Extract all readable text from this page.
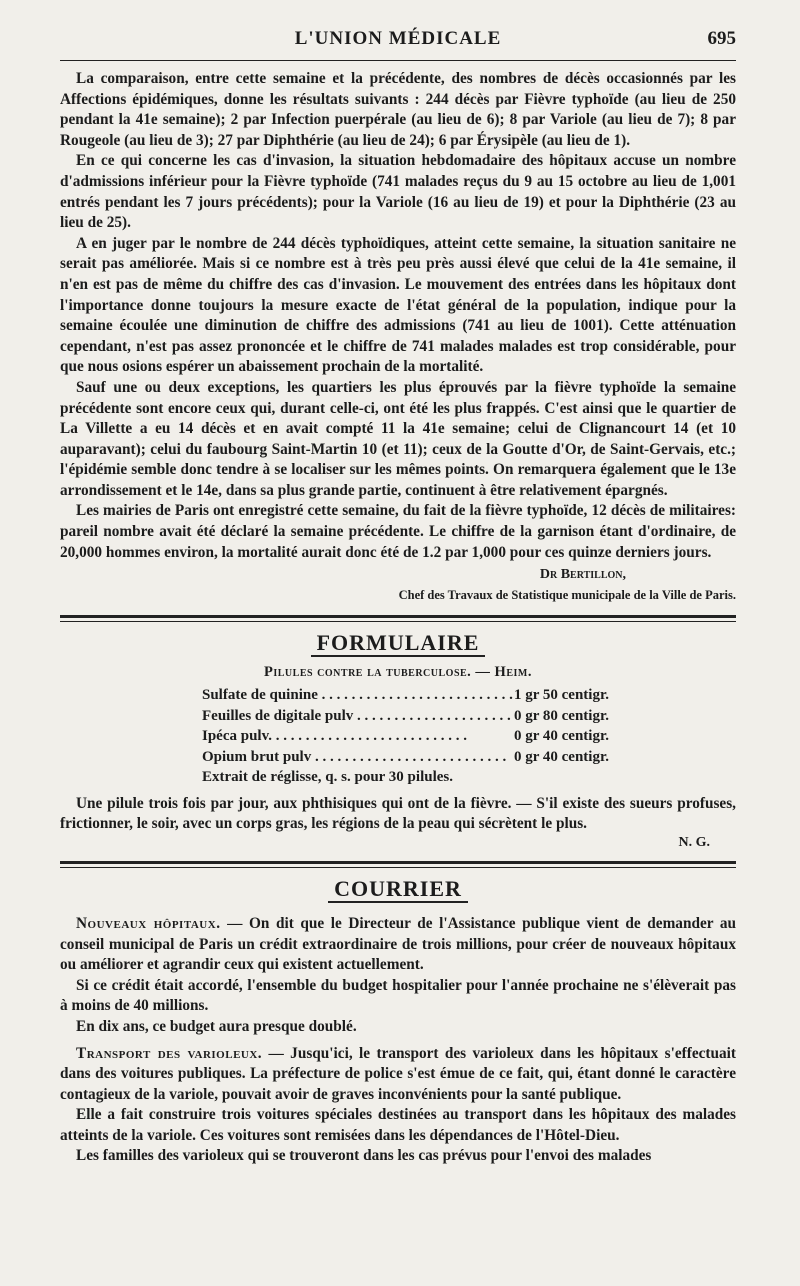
L'UNION MÉDICALE	695

La comparaison, entre cette semaine et la précédente, des nombres de décès occasionnés par les Affections épidémiques, donne les résultats suivants : 244 décès par Fièvre typhoïde (au lieu de 250 pendant la 41e semaine); 2 par Infection puerpérale (au lieu de 6); 8 par Variole (au lieu de 7); 8 par Rougeole (au lieu de 3); 27 par Diphthérie (au lieu de 24); 6 par Érysipèle (au lieu de 1).

En ce qui concerne les cas d'invasion, la situation hebdomadaire des hôpitaux accuse un nombre d'admissions inférieur pour la Fièvre typhoïde (741 malades reçus du 9 au 15 octobre au lieu de 1,001 entrés pendant les 7 jours précédents); pour la Variole (16 au lieu de 19) et pour la Diphthérie (23 au lieu de 25).

A en juger par le nombre de 244 décès typhoïdiques, atteint cette semaine, la situation sanitaire ne serait pas améliorée. Mais si ce nombre est à très peu près aussi élevé que celui de la 41e semaine, il n'en est pas de même du chiffre des cas d'invasion. Le mouvement des entrées dans les hôpitaux dont l'importance donne toujours la mesure exacte de l'état général de la population, indique pour la semaine écoulée une diminution de chiffre des admissions (741 au lieu de 1001). Cette atténuation cependant, n'est pas assez prononcée et le chiffre de 741 malades malades est trop considérable, pour que nous osions espérer un abaissement prochain de la mortalité.

Sauf une ou deux exceptions, les quartiers les plus éprouvés par la fièvre typhoïde la semaine précédente sont encore ceux qui, durant celle-ci, ont été les plus frappés. C'est ainsi que le quartier de La Villette a eu 14 décès et en avait compté 11 la 41e semaine; celui de Clignancourt 14 (et 10 auparavant); celui du faubourg Saint-Martin 10 (et 11); ceux de la Goutte d'Or, de Saint-Gervais, etc.; l'épidémie semble donc tendre à se localiser sur les mêmes points. On remarquera également que le 13e arrondissement et le 14e, dans sa plus grande partie, continuent à être relativement épargnés.

Les mairies de Paris ont enregistré cette semaine, du fait de la fièvre typhoïde, 12 décès de militaires: pareil nombre avait été déclaré la semaine précédente. Le chiffre de la garnison étant d'ordinaire, de 20,000 hommes environ, la mortalité aurait donc été de 1.2 par 1,000 pour ces quinze derniers jours.

Dr Bertillon,
Chef des Travaux de Statistique municipale de la Ville de Paris.
FORMULAIRE
Pilules contre la tuberculose. — Heim.
Sulfate de quinine . . .	1 gr 50 centigr.
Feuilles de digitale pulv . . .	0 gr 80 centigr.
Ipéca pulv. . . .	0 gr 40 centigr.
Opium brut pulv . . .	0 gr 40 centigr.
Extrait de réglisse, q. s. pour 30 pilules.

Une pilule trois fois par jour, aux phthisiques qui ont de la fièvre. — S'il existe des sueurs profuses, frictionner, le soir, avec un corps gras, les régions de la peau qui sécrètent le plus.

N. G.
COURRIER

Nouveaux hôpitaux. — On dit que le Directeur de l'Assistance publique vient de demander au conseil municipal de Paris un crédit extraordinaire de trois millions, pour créer de nouveaux hôpitaux ou améliorer et agrandir ceux qui existent actuellement.

Si ce crédit était accordé, l'ensemble du budget hospitalier pour l'année prochaine ne s'élèverait pas à moins de 40 millions.

En dix ans, ce budget aura presque doublé.

Transport des varioleux. — Jusqu'ici, le transport des varioleux dans les hôpitaux s'effectuait dans des voitures publiques. La préfecture de police s'est émue de ce fait, qui, étant donné le caractère contagieux de la variole, pouvait avoir de graves inconvénients pour la santé publique.

Elle a fait construire trois voitures spéciales destinées au transport dans les hôpitaux des malades atteints de la variole. Ces voitures sont remisées dans les dépendances de l'Hôtel-Dieu.

Les familles des varioleux qui se trouveront dans les cas prévus pour l'envoi des malades
